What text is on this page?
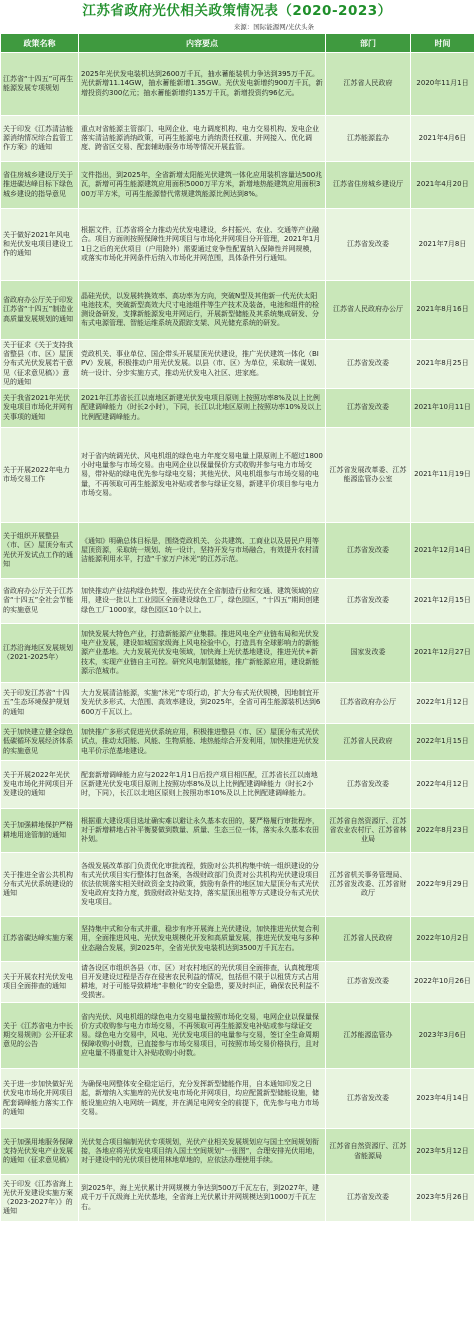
江苏省政府光伏相关政策情况表（2020-2023）
来源：国际能源网/光伏头条
政策名称	内容要点	部门	时间
江苏省“十四五”可再生能源发展专项规划	2025年光伏发电装机达到2600万千瓦，抽水蓄能装机力争达到395万千瓦。光伏新增11.14GW，抽水蓄能新增1.35GW。光伏发电新增约900万千瓦，新增投资约300亿元；抽水蓄能新增约135万千瓦，新增投资约96亿元。	江苏省人民政府	2020年11月1日
关于印发《江苏清洁能源消纳情况综合监管工作方案》的通知	重点对省能源主管部门、电网企业、电力调度机构、电力交易机构、发电企业落实清洁能源消纳政策，可再生能源电力消纳责任权重、并网接入、优化调度、跨省区交易、配套辅助服务市场等情况开展监管。	江苏能源监办	2021年4月6日
省住房城乡建设厅关于推进碳达峰目标下绿色城乡建设的指导意见	文件指出，到2025年，全省新增太阳能光伏建筑一体化应用装机容量达500兆瓦，新增可再生能源建筑应用面积5000万平方米，新增地热能建筑应用面积300万平方米，可再生能源替代常规建筑能源比例达到8%。	江苏省住房城乡建设厅	2021年4月20日
关于做好2021年风电和光伏发电项目建设工作的通知	根据文件，江苏省将全力推动光伏发电建设，乡村振兴、农业、交通等产业融合。项目方面则按照保障性并网项目与市场化并网项目分开管理，2021年1月1日之后的光伏项目（户用除外）需要通过竞争性配置纳入保障性并网规模，或落实市场化并网条件后纳入市场化并网范围，具体条件另行通知。	江苏省发改委	2021年7月8日
省政府办公厅关于印发江苏省“十四五”制造业高质量发展规划的通知	晶硅光伏，以发展转换效率、高功率为方向，突破N型及其他新一代光伏太阳电池技术，突破新型高效大尺寸电池组件等生产技术及装备，电池和组件的检测设备研发，支撑新能源发电并网运行，开展新型储能及其系统集成研发、分布式电源管理、智能运维系统及跟踪支架、风光储充系统的研发。	江苏省人民政府办公厅	2021年8月16日
关于征求《关于支持我省整县（市、区）屋顶分布式光伏发展若干意见（征求意见稿）》意见的通知	党政机关、事业单位、国企带头开展屋顶光伏建设，推广光伏建筑一体化（BIPV）发展，积极推动户用光伏发展。以县（市、区）为单位，采取统一谋划、统一设计、分步实施方式，推动光伏发电入社区、进家庭。	江苏省发改委	2021年8月25日
关于我省2021年光伏发电项目市场化并网有关事项的通知	2021年江苏省长江以南地区新建光伏发电项目原则上按照功率8%及以上比例配建调峰能力（时长2小时），下同，长江以北地区原则上按照功率10%及以上比例配建调峰能力。	江苏省发改委	2021年10月11日
关于开展2022年电力市场交易工作	对于省内统调光伏、风电机组的绿色电力年度交易电量上限原则上不超过1800小时电量参与市场交易。由电网企业以保量保价方式收购并参与电力市场交易，带补贴的绿电优先参与绿电交易；其他光伏、风电机组参与市场交易的电量，不再领取可再生能源发电补贴或者参与绿证交易，新建平价项目参与电力市场交易。	江苏省发展改革委、江苏能源监管办公室	2021年11月19日
关于组织开展整县（市、区）屋顶分布式光伏开发试点工作的通知	《通知》明确总体目标是，围绕党政机关、公共建筑、工商业以及居民户用等屋顶资源，采取统一规划、统一设计，坚持开发与市场融合，有效提升农村清洁能源利用水平，打造“千家万户沐光”的江苏示范。	江苏省发改委	2021年12月14日
省政府办公厅关于江苏省“十四五”全社会节能的实施意见	加快推动产业结构绿色转型，推动光伏在全省制造行业和交通、建筑领域的应用，建设一批以上工业园区全面建设绿色工厂，绿色园区，“十四五”期间创建绿色工厂1000家，绿色园区10个以上。	江苏省发改委	2021年12月15日
江苏沿海地区发展规划（2021-2025年）	加快发展大特色产业，打造新能源产业集群。推进风电全产业链布局和光伏发电产业发展，建设如城国家级海上风电检验中心，打造具有全球影响力的新能源产业基地。大力发展光伏发电领域，加快海上光伏基地建设，推进光伏+新技术，实现产业链自主可控。研究风电制氢储能，推广新能源应用，建设新能源示范城市。	国家发改委	2021年12月27日
关于印发江苏省“十四五”生态环境保护规划的通知	大力发展清洁能源，实施“沐光”专项行动，扩大分布式光伏规模，因地制宜开发光伏多形式、大范围、高效率建设，到2025年，全省可再生能源装机达到6600万千瓦以上。	江苏省政府办公厅	2022年1月12日
关于加快建立健全绿色低碳循环发展经济体系的实施意见	加快推广多形式促进光伏系统应用，积极推进整县（市、区）屋顶分布式光伏试点，推动太阳能、风能、生物质能、地热能综合开发利用，加快推进光伏发电平价示范基地建设。	江苏省人民政府	2022年1月15日
关于开展2022年光伏发电市场化并网项目开发建设的通知	配套新增调峰能力应与2022年1月1日后投产项目相匹配，江苏省长江以南地区新建光伏发电项目原则上按照功率8%及以上比例配建调峰能力（时长2小时，下同），长江以北地区原则上按照功率10%及以上比例配建调峰能力。	江苏省发改委	2022年4月12日
关于加强耕地保护严格耕地用途管制的通知	根据重大建设项目选址确实难以避让永久基本农田的，要严格履行审批程序，对于新增耕地占补平衡要做到数量、质量、生态三位一体，落实永久基本农田补划。	江苏省自然资源厅、江苏省农业农村厅、江苏省林业局	2022年8月23日
关于推进全省公共机构分布式光伏系统建设的通知	各级发展改革部门负责优化审批流程，鼓励对公共机构集中统一组织建设的分布式光伏项目实行整体打包备案，各级财政部门负责对公共机构光伏建设项目依法依规落实相关财政资金支持政策，鼓励有条件的地区加大屋顶分布式光伏发电政府支持力度，鼓励财政补贴支持，落实屋顶出租等方式建设分布式光伏发电项目。	江苏省机关事务管理局、江苏省发改委、江苏省财政厅	2022年9月29日
江苏省碳达峰实施方案	坚持集中式和分布式并重，稳步有序开展海上光伏建设，加快推进光伏复合利用，全面推进风电、光伏发电规模化开发和高质量发展，推进光伏发电与多种业态融合发展，到2025年，全省光伏发电装机达到3500万千瓦左右。	江苏省人民政府	2022年10月2日
关于开展农村光伏发电项目全面排查的通知	请各设区市组织各县（市、区）对农村地区的光伏项目全面排查，认真梳理项目开发建设过程是否存在侵害农民利益的情况，包括但不限于以租赁方式占用耕地，对于可能导致耕地“非粮化”的安全隐患，要及时纠正，确保农民利益不受损害。	江苏省发改委	2022年10月26日
关于《江苏省电力中长期交易规则》公开征求意见的公告	省内光伏、风电机组的绿色电力交易电量按照市场化交易，电网企业以保量保价方式收购参与电力市场交易，不再领取可再生能源发电补贴或参与绿证交易。绿色电力交易中，风电、光伏发电项目的电量参与交易，签订全生命周期保障收购小时数，已直接参与市场交易项目，可按照市场交易价格执行，且对应电量不得重复计入补贴收购小时数。	江苏能源监管办	2023年3月6日
关于进一步加快做好光伏发电市场化并网项目配套调峰能力落实工作的通知	为确保电网整体安全稳定运行，充分发挥新型储能作用，自本通知印发之日起，新增纳入实施库的光伏发电市场化并网项目，均应配置新型储能设施，储能设施应纳入电网统一调度，并在满足电网安全的前提下，优先参与电力市场交易。	江苏省发改委	2023年4月14日
关于加强用地服务保障支持光伏发电产业发展的通知（征求意见稿）	光伏复合项目编制光伏专项规划，光伏产业相关发展规划应与国土空间规划衔接，各地应将光伏发电项目纳入国土空间规划“一张图”，合理安排光伏用地，对于建设中的光伏项目使用林地草地的，应依法办理使用手续。	江苏省自然资源厅、江苏省能源局	2023年5月12日
关于印发《江苏省海上光伏开发建设实施方案（2023-2027年）》的通知	到2025年，海上光伏累计并网规模力争达到500万千瓦左右，到2027年，建成千万千瓦级海上光伏基地，全省海上光伏累计并网规模达到1000万千瓦左右。	江苏省发改委	2023年5月26日
知乎 @国际能源网
